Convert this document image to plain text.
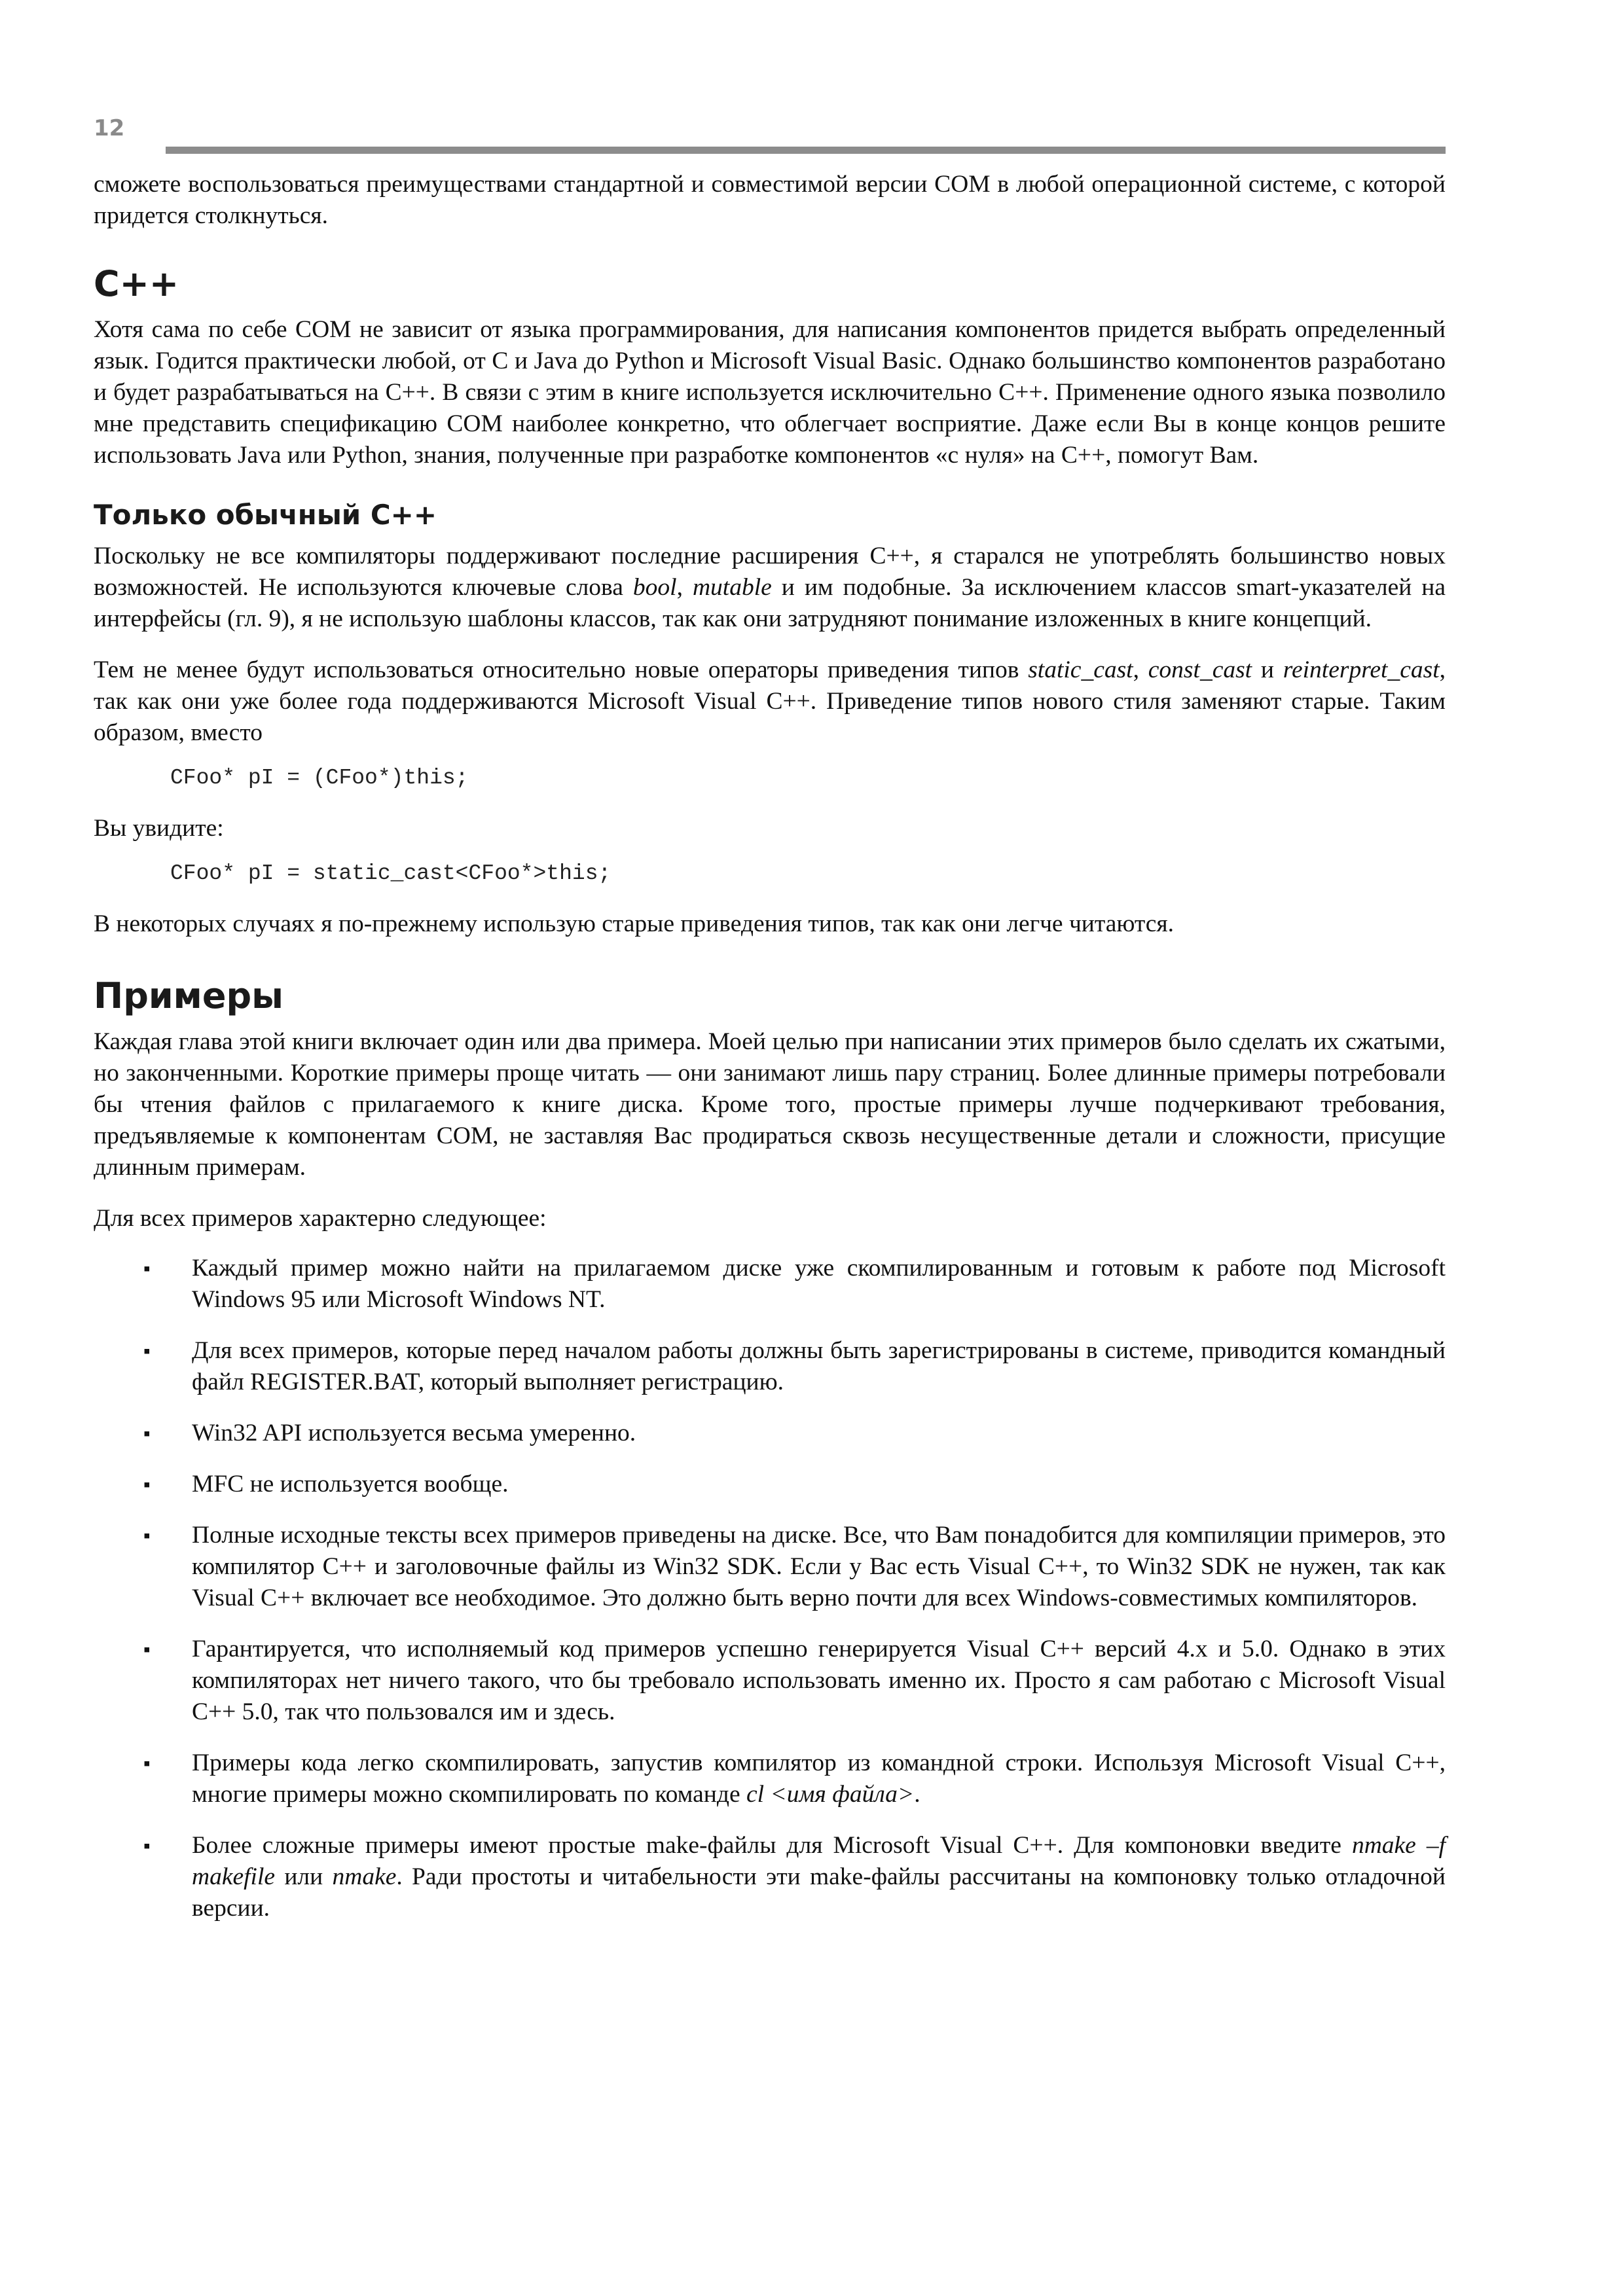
12

сможете воспользоваться преимуществами стандартной и совместимой версии COM в любой операционной системе, с которой придется столкнуться.

C++

Хотя сама по себе COM не зависит от языка программирования, для написания компонентов придется выбрать определенный язык. Годится практически любой, от C и Java до Python и Microsoft Visual Basic. Однако большинство компонентов разработано и будет разрабатываться на C++. В связи с этим в книге используется исключительно C++. Применение одного языка позволило мне представить спецификацию COM наиболее конкретно, что облегчает восприятие. Даже если Вы в конце концов решите использовать Java или Python, знания, полученные при разработке компонентов «с нуля» на C++, помогут Вам.

Только обычный C++

Поскольку не все компиляторы поддерживают последние расширения C++, я старался не употреблять большинство новых возможностей. Не используются ключевые слова bool, mutable и им подобные. За исключением классов smart-указателей на интерфейсы (гл. 9), я не использую шаблоны классов, так как они затрудняют понимание изложенных в книге концепций.

Тем не менее будут использоваться относительно новые операторы приведения типов static_cast, const_cast и reinterpret_cast, так как они уже более года поддерживаются Microsoft Visual C++. Приведение типов нового стиля заменяют старые. Таким образом, вместо

CFoo* pI = (CFoo*)this;

Вы увидите:

CFoo* pI = static_cast<CFoo*>this;

В некоторых случаях я по-прежнему использую старые приведения типов, так как они легче читаются.

Примеры

Каждая глава этой книги включает один или два примера. Моей целью при написании этих примеров было сделать их сжатыми, но законченными. Короткие примеры проще читать — они занимают лишь пару страниц. Более длинные примеры потребовали бы чтения файлов с прилагаемого к книге диска. Кроме того, простые примеры лучше подчеркивают требования, предъявляемые к компонентам COM, не заставляя Вас продираться сквозь несущественные детали и сложности, присущие длинным примерам.

Для всех примеров характерно следующее:

▪ Каждый пример можно найти на прилагаемом диске уже скомпилированным и готовым к работе под Microsoft Windows 95 или Microsoft Windows NT.

▪ Для всех примеров, которые перед началом работы должны быть зарегистрированы в системе, приводится командный файл REGISTER.BAT, который выполняет регистрацию.

▪ Win32 API используется весьма умеренно.

▪ MFC не используется вообще.

▪ Полные исходные тексты всех примеров приведены на диске. Все, что Вам понадобится для компиляции примеров, это компилятор C++ и заголовочные файлы из Win32 SDK. Если у Вас есть Visual C++, то Win32 SDK не нужен, так как Visual C++ включает все необходимое. Это должно быть верно почти для всех Windows-совместимых компиляторов.

▪ Гарантируется, что исполняемый код примеров успешно генерируется Visual C++ версий 4.x и 5.0. Однако в этих компиляторах нет ничего такого, что бы требовало использовать именно их. Просто я сам работаю с Microsoft Visual C++ 5.0, так что пользовался им и здесь.

▪ Примеры кода легко скомпилировать, запустив компилятор из командной строки. Используя Microsoft Visual C++, многие примеры можно скомпилировать по команде cl <имя файла>.

▪ Более сложные примеры имеют простые make-файлы для Microsoft Visual C++. Для компоновки введите nmake –f makefile или nmake. Ради простоты и читабельности эти make-файлы рассчитаны на компоновку только отладочной версии.
